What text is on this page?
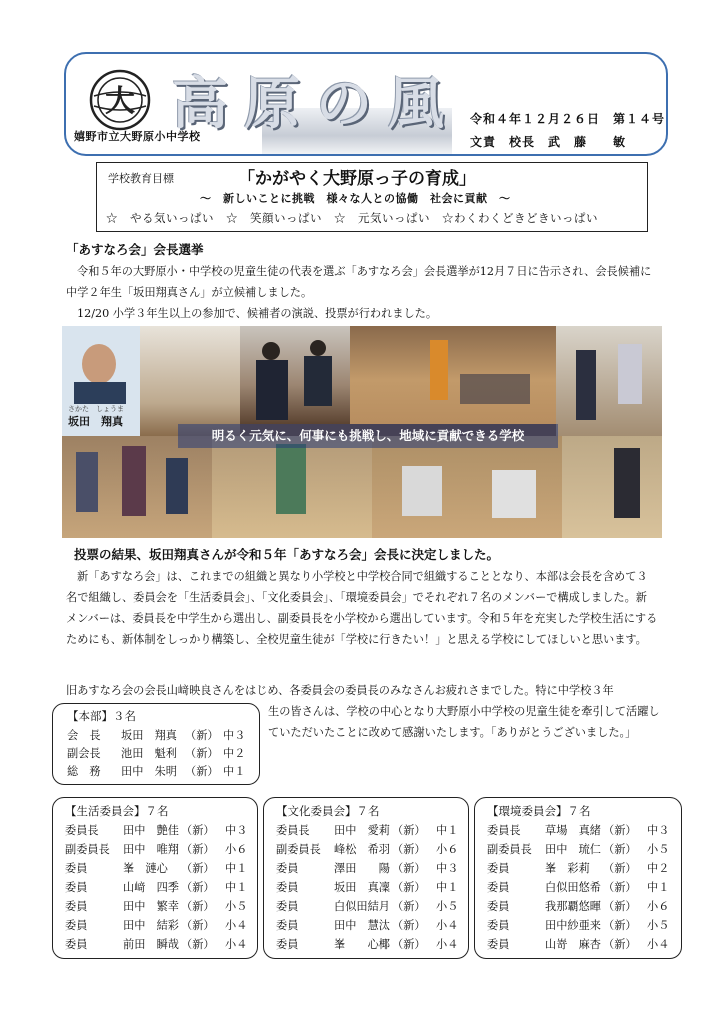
大
嬉野市立大野原小中学校
高原の風 令和４年１２月２６日　第１４号
文責　校長　武　藤　　敏
学校教育目標	「かがやく大野原っ子の育成」
～　新しいことに挑戦　様々な人との協働　社会に貢献　～
☆　やる気いっぱい　☆　笑顔いっぱい　☆　元気いっぱい　☆わくわくどきどきいっぱい
「あすなろ会」会長選挙
令和５年の大野原小・中学校の児童生徒の代表を選ぶ「あすなろ会」会長選挙が12月７日に告示され、会長候補に中学２年生「坂田翔真さん」が立候補しました。
12/20 小学３年生以上の参加で、候補者の演説、投票が行われました。
さかた　しょうま
坂田　翔真
明るく元気に、何事にも挑戦し、地域に貢献できる学校
投票の結果、坂田翔真さんが令和５年「あすなろ会」会長に決定しました。
新「あすなろ会」は、これまでの組織と異なり小学校と中学校合同で組織することとなり、本部は会長を含めて３名で組織し、委員会を「生活委員会」、「文化委員会」、「環境委員会」でそれぞれ７名のメンバーで構成しました。新メンバーは、委員長を中学生から選出し、副委員長を小学校から選出しています。令和５年を充実した学校生活にするためにも、新体制をしっかり構築し、全校児童生徒が「学校に行きたい！」と思える学校にしてほしいと思います。
旧あすなろ会の会長山﨑映良さんをはじめ、各委員会の委員長のみなさんお疲れさまでした。特に中学校３年
生の皆さんは、学校の中心となり大野原小中学校の児童生徒を牽引して活躍していただいたことに改めて感謝いたします。｢ありがとうございました。｣
【本部】３名
会　長 坂田　翔真 （新） 中３
副会長 池田　魁利 （新） 中２
総　務 田中　朱明 （新） 中１
【生活委員会】７名
委員長 田中　艶佳 （新） 中３
副委員長 田中　唯翔 （新） 小６
委員	峯　漣心 （新） 中１
委員	山﨑　四季 （新） 中１
委員	田中　繁幸 （新） 小５
委員	田中　結彩 （新） 小４
委員	前田　瞬哉 （新） 小４
【文化委員会】７名
委員長 田中　愛莉 （新） 中１
副委員長 峰松　希羽 （新） 小６
委員	澤田　　陽 （新） 中３
委員	坂田　真凜 （新） 中１
委員	白似田結月 （新） 小５
委員	田中　慧汰 （新） 小４
委員	峯　　心椰 （新） 小４
【環境委員会】７名
委員長 草場　真緒 （新） 中３
副委員長 田中　琉仁 （新） 小５
委員	峯　彩莉 （新） 中２
委員	白似田悠希 （新） 中１
委員	我那覇悠暉 （新） 小６
委員	田中紗亜来 （新） 小５
委員	山嵜　麻杏 （新） 小４
